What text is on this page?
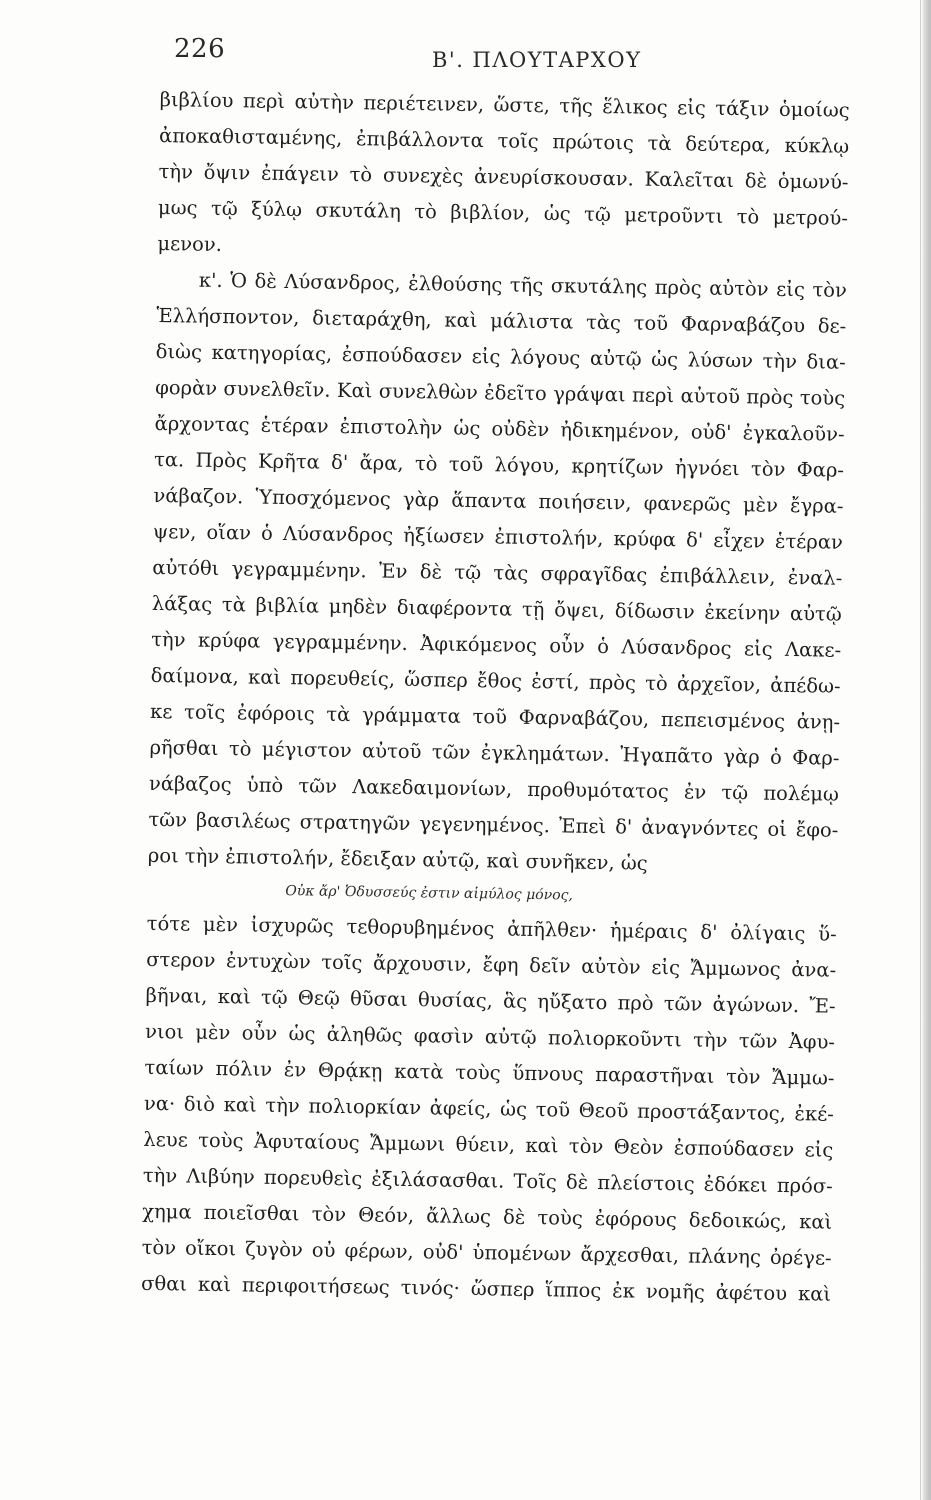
226	Β'. ΠΛΟΥΤΑΡΧΟΥ
βιβλίου περὶ αὐτὴν περιέτεινεν, ὥστε, τῆς ἕλικος εἰς τάξιν ὁμοίως
ἀποκαθισταμένης, ἐπιβάλλοντα τοῖς πρώτοις τὰ δεύτερα, κύκλῳ
τὴν ὄψιν ἐπάγειν τὸ συνεχὲς ἀνευρίσκουσαν. Καλεῖται δὲ ὁμωνύ-
μως τῷ ξύλῳ σκυτάλη τὸ βιβλίον, ὡς τῷ μετροῦντι τὸ μετρού-
μενον.
κ'. Ὁ δὲ Λύσανδρος, ἐλθούσης τῆς σκυτάλης πρὸς αὐτὸν εἰς τὸν
Ἑλλήσποντον, διεταράχθη, καὶ μάλιστα τὰς τοῦ Φαρναβάζου δε-
διὼς κατηγορίας, ἐσπούδασεν εἰς λόγους αὐτῷ ὡς λύσων τὴν δια-
φορὰν συνελθεῖν. Καὶ συνελθὼν ἐδεῖτο γράψαι περὶ αὐτοῦ πρὸς τοὺς
ἄρχοντας ἑτέραν ἐπιστολὴν ὡς οὐδὲν ἠδικημένον, οὐδ' ἐγκαλοῦν-
τα. Πρὸς Κρῆτα δ' ἄρα, τὸ τοῦ λόγου, κρητίζων ἠγνόει τὸν Φαρ-
νάβαζον. Ὑποσχόμενος γὰρ ἅπαντα ποιήσειν, φανερῶς μὲν ἔγρα-
ψεν, οἵαν ὁ Λύσανδρος ἠξίωσεν ἐπιστολήν, κρύφα δ' εἶχεν ἑτέραν
αὐτόθι γεγραμμένην. Ἐν δὲ τῷ τὰς σφραγῖδας ἐπιβάλλειν, ἐναλ-
λάξας τὰ βιβλία μηδὲν διαφέροντα τῇ ὄψει, δίδωσιν ἐκείνην αὐτῷ
τὴν κρύφα γεγραμμένην. Ἀφικόμενος οὖν ὁ Λύσανδρος εἰς Λακε-
δαίμονα, καὶ πορευθείς, ὥσπερ ἔθος ἐστί, πρὸς τὸ ἀρχεῖον, ἀπέδω-
κε τοῖς ἐφόροις τὰ γράμματα τοῦ Φαρναβάζου, πεπεισμένος ἀνῃ-
ρῆσθαι τὸ μέγιστον αὐτοῦ τῶν ἐγκλημάτων. Ἠγαπᾶτο γὰρ ὁ Φαρ-
νάβαζος ὑπὸ τῶν Λακεδαιμονίων, προθυμότατος ἐν τῷ πολέμῳ
τῶν βασιλέως στρατηγῶν γεγενημένος. Ἐπεὶ δ' ἀναγνόντες οἱ ἔφο-
ροι τὴν ἐπιστολήν, ἔδειξαν αὐτῷ, καὶ συνῆκεν, ὡς
Οὐκ ἄρ' Ὀδυσσεύς ἐστιν αἱμύλος μόνος,
τότε μὲν ἰσχυρῶς τεθορυβημένος ἀπῆλθεν· ἡμέραις δ' ὀλίγαις ὕ-
στερον ἐντυχὼν τοῖς ἄρχουσιν, ἔφη δεῖν αὐτὸν εἰς Ἄμμωνος ἀνα-
βῆναι, καὶ τῷ Θεῷ θῦσαι θυσίας, ἃς ηὔξατο πρὸ τῶν ἀγώνων. Ἔ-
νιοι μὲν οὖν ὡς ἀληθῶς φασὶν αὐτῷ πολιορκοῦντι τὴν τῶν Ἀφυ-
ταίων πόλιν ἐν Θρᾴκῃ κατὰ τοὺς ὕπνους παραστῆναι τὸν Ἄμμω-
να· διὸ καὶ τὴν πολιορκίαν ἀφείς, ὡς τοῦ Θεοῦ προστάξαντος, ἐκέ-
λευε τοὺς Ἀφυταίους Ἄμμωνι θύειν, καὶ τὸν Θεὸν ἐσπούδασεν εἰς
τὴν Λιβύην πορευθεὶς ἐξιλάσασθαι. Τοῖς δὲ πλείστοις ἐδόκει πρόσ-
χημα ποιεῖσθαι τὸν Θεόν, ἄλλως δὲ τοὺς ἐφόρους δεδοικώς, καὶ
τὸν οἴκοι ζυγὸν οὐ φέρων, οὐδ' ὑπομένων ἄρχεσθαι, πλάνης ὀρέγε-
σθαι καὶ περιφοιτήσεως τινός· ὥσπερ ἵππος ἐκ νομῆς ἀφέτου καὶ
